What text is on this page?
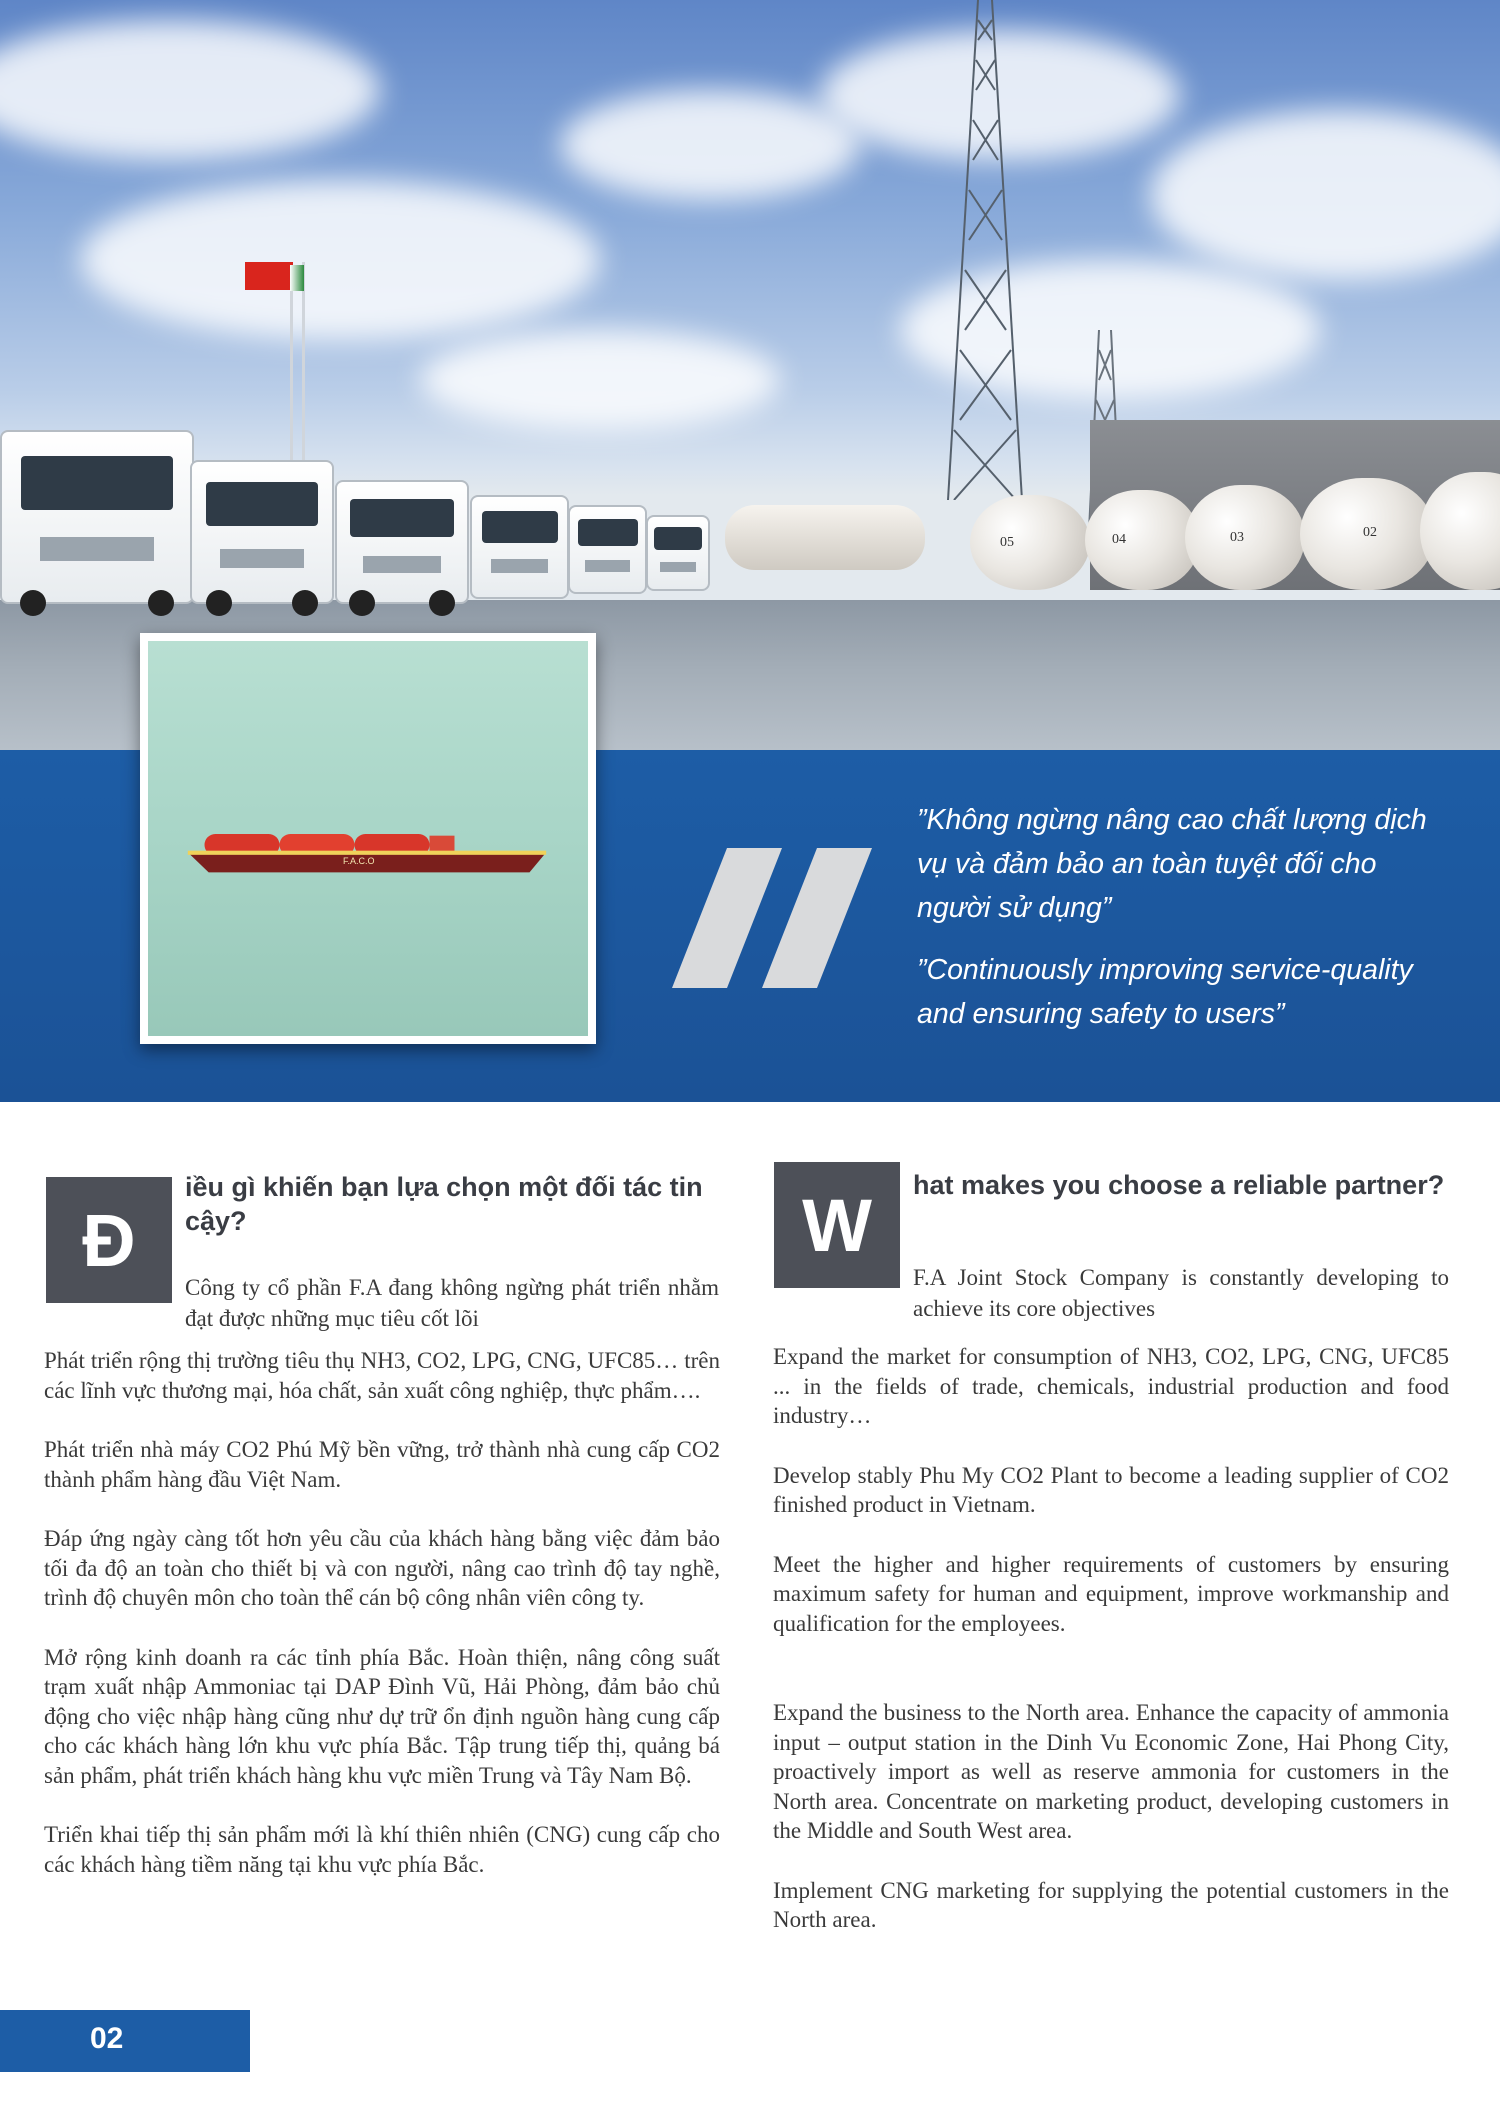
05	04	03	02
”Không ngừng nâng cao chất lượng dịch vụ và đảm bảo an toàn tuyệt đối cho người sử dụng”
”Continuously improving service-quality and ensuring safety to users”
F.A.C.O
Đ
iều gì khiến bạn lựa chọn một đối tác tin cậy?
Công ty cổ phần F.A đang không ngừng phát triển nhằm đạt được những mục tiêu cốt lõi

Phát triển rộng thị trường tiêu thụ NH3, CO2, LPG, CNG, UFC85… trên các lĩnh vực thương mại, hóa chất, sản xuất công nghiệp, thực phẩm….

Phát triển nhà máy CO2 Phú Mỹ bền vững, trở thành nhà cung cấp CO2 thành phẩm hàng đầu Việt Nam.

Đáp ứng ngày càng tốt hơn yêu cầu của khách hàng bằng việc đảm bảo tối đa độ an toàn cho thiết bị và con người, nâng cao trình độ tay nghề, trình độ chuyên môn cho toàn thể cán bộ công nhân viên công ty.

Mở rộng kinh doanh ra các tỉnh phía Bắc. Hoàn thiện, nâng công suất trạm xuất nhập Ammoniac tại DAP Đình Vũ, Hải Phòng, đảm bảo chủ động cho việc nhập hàng cũng như dự trữ ổn định nguồn hàng cung cấp cho các khách hàng lớn khu vực phía Bắc. Tập trung tiếp thị, quảng bá sản phẩm, phát triển khách hàng khu vực miền Trung và Tây Nam Bộ.

Triển khai tiếp thị sản phẩm mới là khí thiên nhiên (CNG) cung cấp cho các khách hàng tiềm năng tại khu vực phía Bắc.

W	hat makes you choose a reliable partner?
F.A Joint Stock Company is constantly developing to achieve its core objectives

Expand the market for consumption of NH3, CO2, LPG, CNG, UFC85 ... in the fields of trade, chemicals, industrial production and food industry…

Develop stably Phu My CO2 Plant to become a leading supplier of CO2 finished product in Vietnam.

Meet the higher and higher requirements of customers by ensuring maximum safety for human and equipment, improve workmanship and qualification for the employees.

Expand the business to the North area. Enhance the capacity of ammonia input – output station in the Dinh Vu Economic Zone, Hai Phong City, proactively import as well as reserve ammonia for customers in the North area. Concentrate on marketing product, developing customers in the Middle and South West area.

Implement CNG marketing for supplying the potential customers in the North area.

02
